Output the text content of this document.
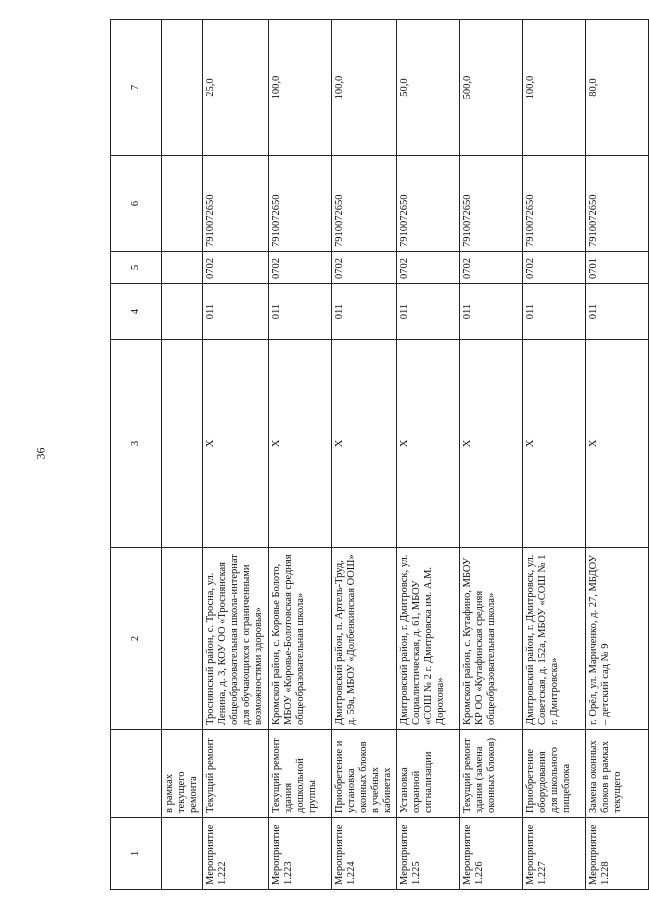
36
1		2	3	4	5	6	7
	в рамках текущего ремонта						
Мероприятие 1.222	Текущий ремонт	Троснянский район, с. Тросна, ул. Ленина, д. 3, КОУ ОО «Троснянская общеобразовательная школа-интернат для обучающихся с ограниченными возможностями здоровья»	Х	011	0702	7910072650	25,0
Мероприятие 1.223	Текущий ремонт здания дошкольной группы	Кромской район, с. Коровье Болото, МБОУ «Коровье-Болотовская средняя общеобразовательная школа»	Х	011	0702	7910072650	100,0
Мероприятие 1.224	Приобретение и установка оконных блоков в учебных кабинетах	Дмитровский район, п. Артель-Труд, д. 59а, МБОУ «Долбенкинская ООШ»	Х	011	0702	7910072650	100,0
Мероприятие 1.225	Установка охранной сигнализации	Дмитровский район, г. Дмитровск, ул. Социалистическая, д. 61, МБОУ «СОШ № 2 г. Дмитровска им. А.М. Дорохова»	Х	011	0702	7910072650	50,0
Мероприятие 1.226	Текущий ремонт здания (замена оконных блоков)	Кромской район, с. Кутафино, МБОУ КР ОО «Кутафинская средняя общеобразовательная школа»	Х	011	0702	7910072650	500,0
Мероприятие 1.227	Приобретение оборудования для школьного пищеблока	Дмитровский район, г. Дмитровск, ул. Советская, д. 152а, МБОУ «СОШ № 1 г. Дмитровска»	Х	011	0702	7910072650	100,0
Мероприятие 1.228	Замена оконных блоков в рамках текущего	г. Орёл, ул. Мариченко, д. 27, МБДОУ – детский сад № 9	Х	011	0701	7910072650	80,0
